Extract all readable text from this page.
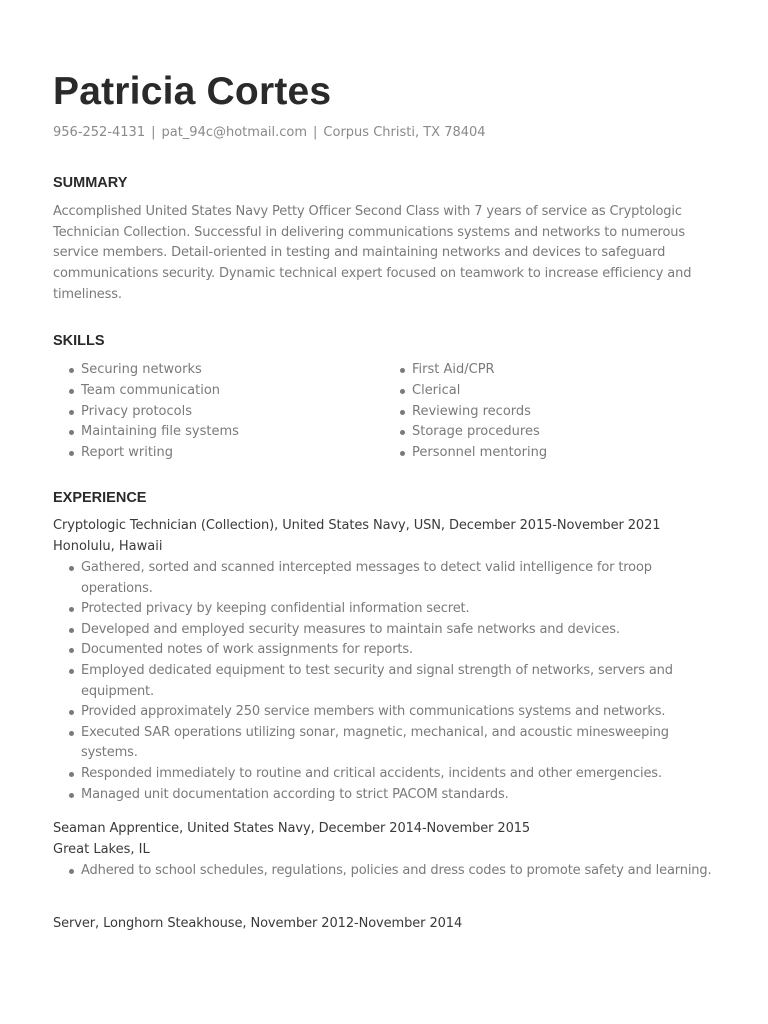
Patricia Cortes
956-252-4131 | pat_94c@hotmail.com | Corpus Christi, TX 78404
SUMMARY

Accomplished United States Navy Petty Officer Second Class with 7 years of service as Cryptologic Technician Collection. Successful in delivering communications systems and networks to numerous service members. Detail-oriented in testing and maintaining networks and devices to safeguard communications security. Dynamic technical expert focused on teamwork to increase efficiency and timeliness.

SKILLS
Securing networks
Team communication
Privacy protocols
Maintaining file systems
Report writing
First Aid/CPR
Clerical
Reviewing records
Storage procedures
Personnel mentoring
EXPERIENCE
Cryptologic Technician (Collection), United States Navy, USN, December 2015-November 2021
Honolulu, Hawaii
Gathered, sorted and scanned intercepted messages to detect valid intelligence for troop operations.
Protected privacy by keeping confidential information secret.
Developed and employed security measures to maintain safe networks and devices.
Documented notes of work assignments for reports.
Employed dedicated equipment to test security and signal strength of networks, servers and equipment.
Provided approximately 250 service members with communications systems and networks.
Executed SAR operations utilizing sonar, magnetic, mechanical, and acoustic minesweeping systems.
Responded immediately to routine and critical accidents, incidents and other emergencies.
Managed unit documentation according to strict PACOM standards.
Seaman Apprentice, United States Navy, December 2014-November 2015
Great Lakes, IL
Adhered to school schedules, regulations, policies and dress codes to promote safety and learning.
Server, Longhorn Steakhouse, November 2012-November 2014
